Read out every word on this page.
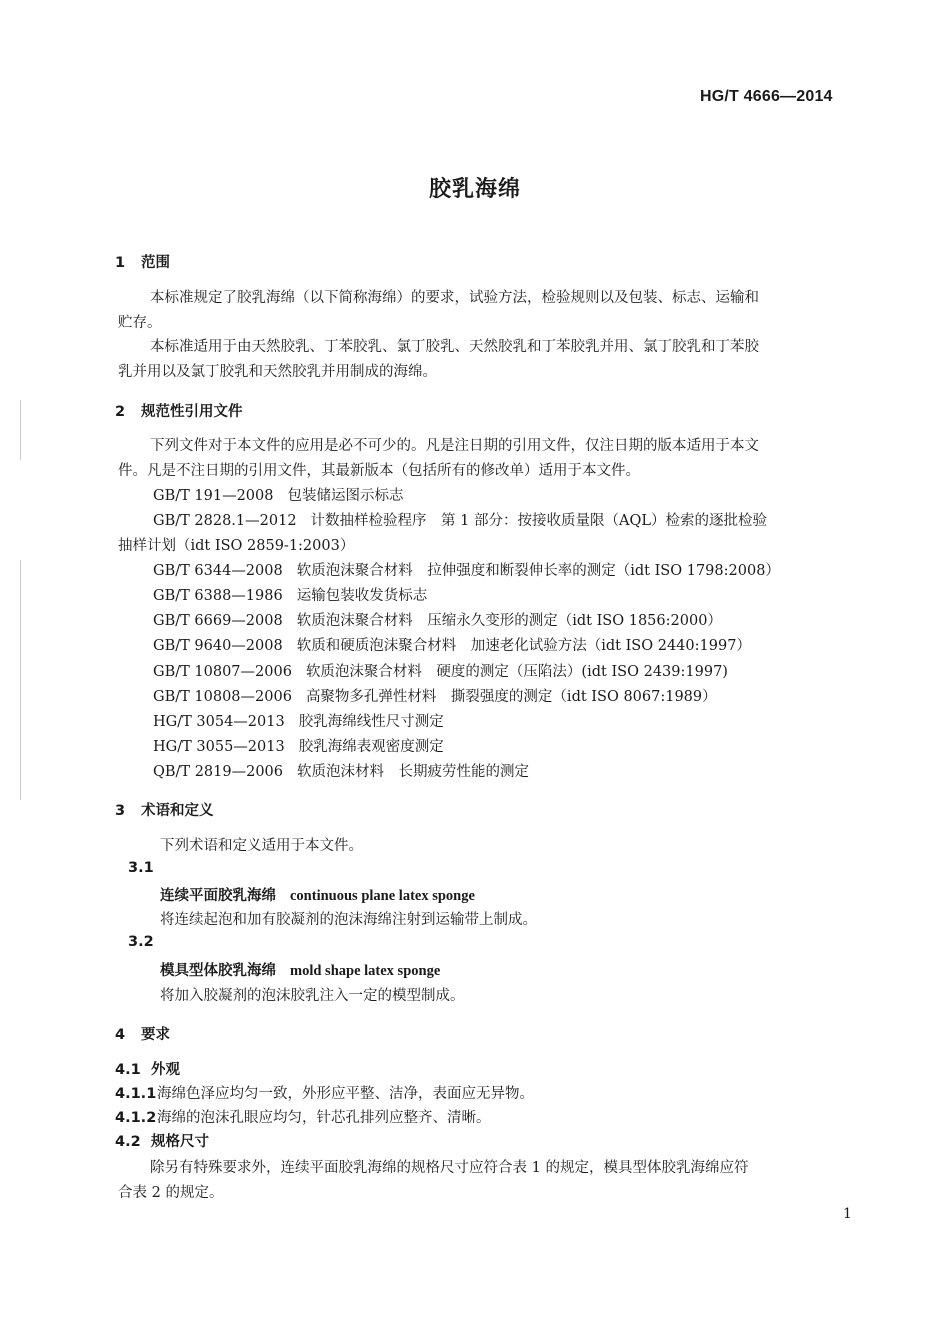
HG/T 4666—2014
胶乳海绵
1 范围
本标准规定了胶乳海绵（以下简称海绵）的要求，试验方法，检验规则以及包装、标志、运输和
贮存。
本标准适用于由天然胶乳、丁苯胶乳、氯丁胶乳、天然胶乳和丁苯胶乳并用、氯丁胶乳和丁苯胶
乳并用以及氯丁胶乳和天然胶乳并用制成的海绵。
2 规范性引用文件
下列文件对于本文件的应用是必不可少的。凡是注日期的引用文件，仅注日期的版本适用于本文
件。凡是不注日期的引用文件，其最新版本（包括所有的修改单）适用于本文件。
GB/T 191—2008 包装储运图示标志
GB/T 2828.1—2012 计数抽样检验程序　第 1 部分：按接收质量限（AQL）检索的逐批检验
抽样计划（idt ISO 2859-1:2003）
GB/T 6344—2008 软质泡沫聚合材料　拉伸强度和断裂伸长率的测定（idt ISO 1798:2008）
GB/T 6388—1986 运输包装收发货标志
GB/T 6669—2008 软质泡沫聚合材料　压缩永久变形的测定（idt ISO 1856:2000）
GB/T 9640—2008 软质和硬质泡沫聚合材料　加速老化试验方法（idt ISO 2440:1997）
GB/T 10807—2006 软质泡沫聚合材料　硬度的测定（压陷法）(idt ISO 2439:1997)
GB/T 10808—2006 高聚物多孔弹性材料　撕裂强度的测定（idt ISO 8067:1989）
HG/T 3054—2013 胶乳海绵线性尺寸测定
HG/T 3055—2013 胶乳海绵表观密度测定
QB/T 2819—2006 软质泡沫材料　长期疲劳性能的测定
3 术语和定义
下列术语和定义适用于本文件。
3.1
连续平面胶乳海绵 continuous plane latex sponge
将连续起泡和加有胶凝剂的泡沫海绵注射到运输带上制成。
3.2
模具型体胶乳海绵 mold shape latex sponge
将加入胶凝剂的泡沫胶乳注入一定的模型制成。
4 要求
4.1 外观
4.1.1海绵色泽应均匀一致，外形应平整、洁净，表面应无异物。
4.1.2海绵的泡沫孔眼应均匀，针芯孔排列应整齐、清晰。
4.2 规格尺寸
除另有特殊要求外，连续平面胶乳海绵的规格尺寸应符合表 1 的规定，模具型体胶乳海绵应符
合表 2 的规定。
1
